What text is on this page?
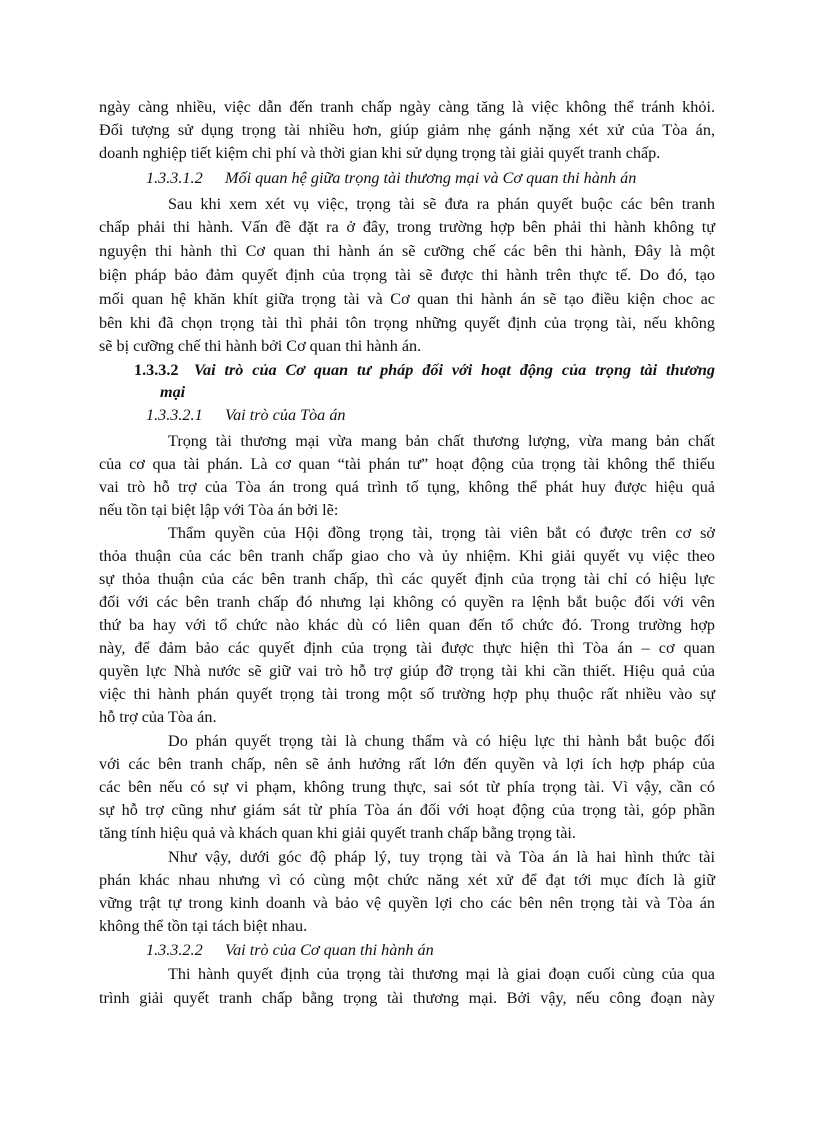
ngày càng nhiều, việc dẫn đến tranh chấp ngày càng tăng là việc không thể tránh khỏi.
Đối tượng sử dụng trọng tài nhiều hơn, giúp giảm nhẹ gánh nặng xét xử của Tòa án,
doanh nghiệp tiết kiệm chi phí và thời gian khi sử dụng trọng tài giải quyết tranh chấp.
1.3.3.1.2 Mối quan hệ giữa trọng tài thương mại và Cơ quan thi hành án
Sau khi xem xét vụ việc, trọng tài sẽ đưa ra phán quyết buộc các bên tranh
chấp phải thi hành. Vấn đề đặt ra ở đây, trong trường hợp bên phải thi hành không tự
nguyện thi hành thì Cơ quan thi hành án sẽ cưỡng chế các bên thi hành, Đây là một
biện pháp bảo đảm quyết định của trọng tài sẽ được thi hành trên thực tế. Do đó, tạo
mối quan hệ khăn khít giữa trọng tài và Cơ quan thi hành án sẽ tạo điều kiện choc ac
bên khi đã chọn trọng tài thì phải tôn trọng những quyết định của trọng tài, nếu không
sẽ bị cưỡng chế thi hành bởi Cơ quan thi hành án.
1.3.3.2 Vai trò của Cơ quan tư pháp đối với hoạt động của trọng tài thương
mại
1.3.3.2.1 Vai trò của Tòa án
Trọng tài thương mại vừa mang bản chất thương lượng, vừa mang bản chất
của cơ qua tài phán. Là cơ quan “tài phán tư” hoạt động của trọng tài không thể thiếu
vai trò hỗ trợ của Tòa án trong quá trình tố tụng, không thể phát huy được hiệu quả
nếu tồn tại biệt lập với Tòa án bởi lẽ:
Thẩm quyền của Hội đồng trọng tài, trọng tài viên bắt có được trên cơ sở
thỏa thuận của các bên tranh chấp giao cho và ủy nhiệm. Khi giải quyết vụ việc theo
sự thỏa thuận của các bên tranh chấp, thì các quyết định của trọng tài chỉ có hiệu lực
đối với các bên tranh chấp đó nhưng lại không có quyền ra lệnh bắt buộc đối với vên
thứ ba hay với tổ chức nào khác dù có liên quan đến tổ chức đó. Trong trường hợp
này, để đảm bảo các quyết định của trọng tài được thực hiện thì Tòa án – cơ quan
quyền lực Nhà nước sẽ giữ vai trò hỗ trợ giúp đỡ trọng tài khi cần thiết. Hiệu quả của
việc thi hành phán quyết trọng tài trong một số trường hợp phụ thuộc rất nhiều vào sự
hỗ trợ của Tòa án.
Do phán quyết trọng tài là chung thẩm và có hiệu lực thi hành bắt buộc đối
với các bên tranh chấp, nên sẽ ảnh hưởng rất lớn đến quyền và lợi ích hợp pháp của
các bên nếu có sự vi phạm, không trung thực, sai sót từ phía trọng tài. Vì vậy, cần có
sự hỗ trợ cũng như giám sát từ phía Tòa án đối với hoạt động của trọng tài, góp phần
tăng tính hiệu quả và khách quan khi giải quyết tranh chấp bằng trọng tài.
Như vậy, dưới góc độ pháp lý, tuy trọng tài và Tòa án là hai hình thức tài
phán khác nhau nhưng vì có cùng một chức năng xét xử để đạt tới mục đích là giữ
vững trật tự trong kinh doanh và bảo vệ quyền lợi cho các bên nên trọng tài và Tòa án
không thể tồn tại tách biệt nhau.
1.3.3.2.2 Vai trò của Cơ quan thi hành án
Thi hành quyết định của trọng tài thương mại là giai đoạn cuối cùng của qua
trình giải quyết tranh chấp bằng trọng tài thương mại. Bởi vậy, nếu công đoạn này
